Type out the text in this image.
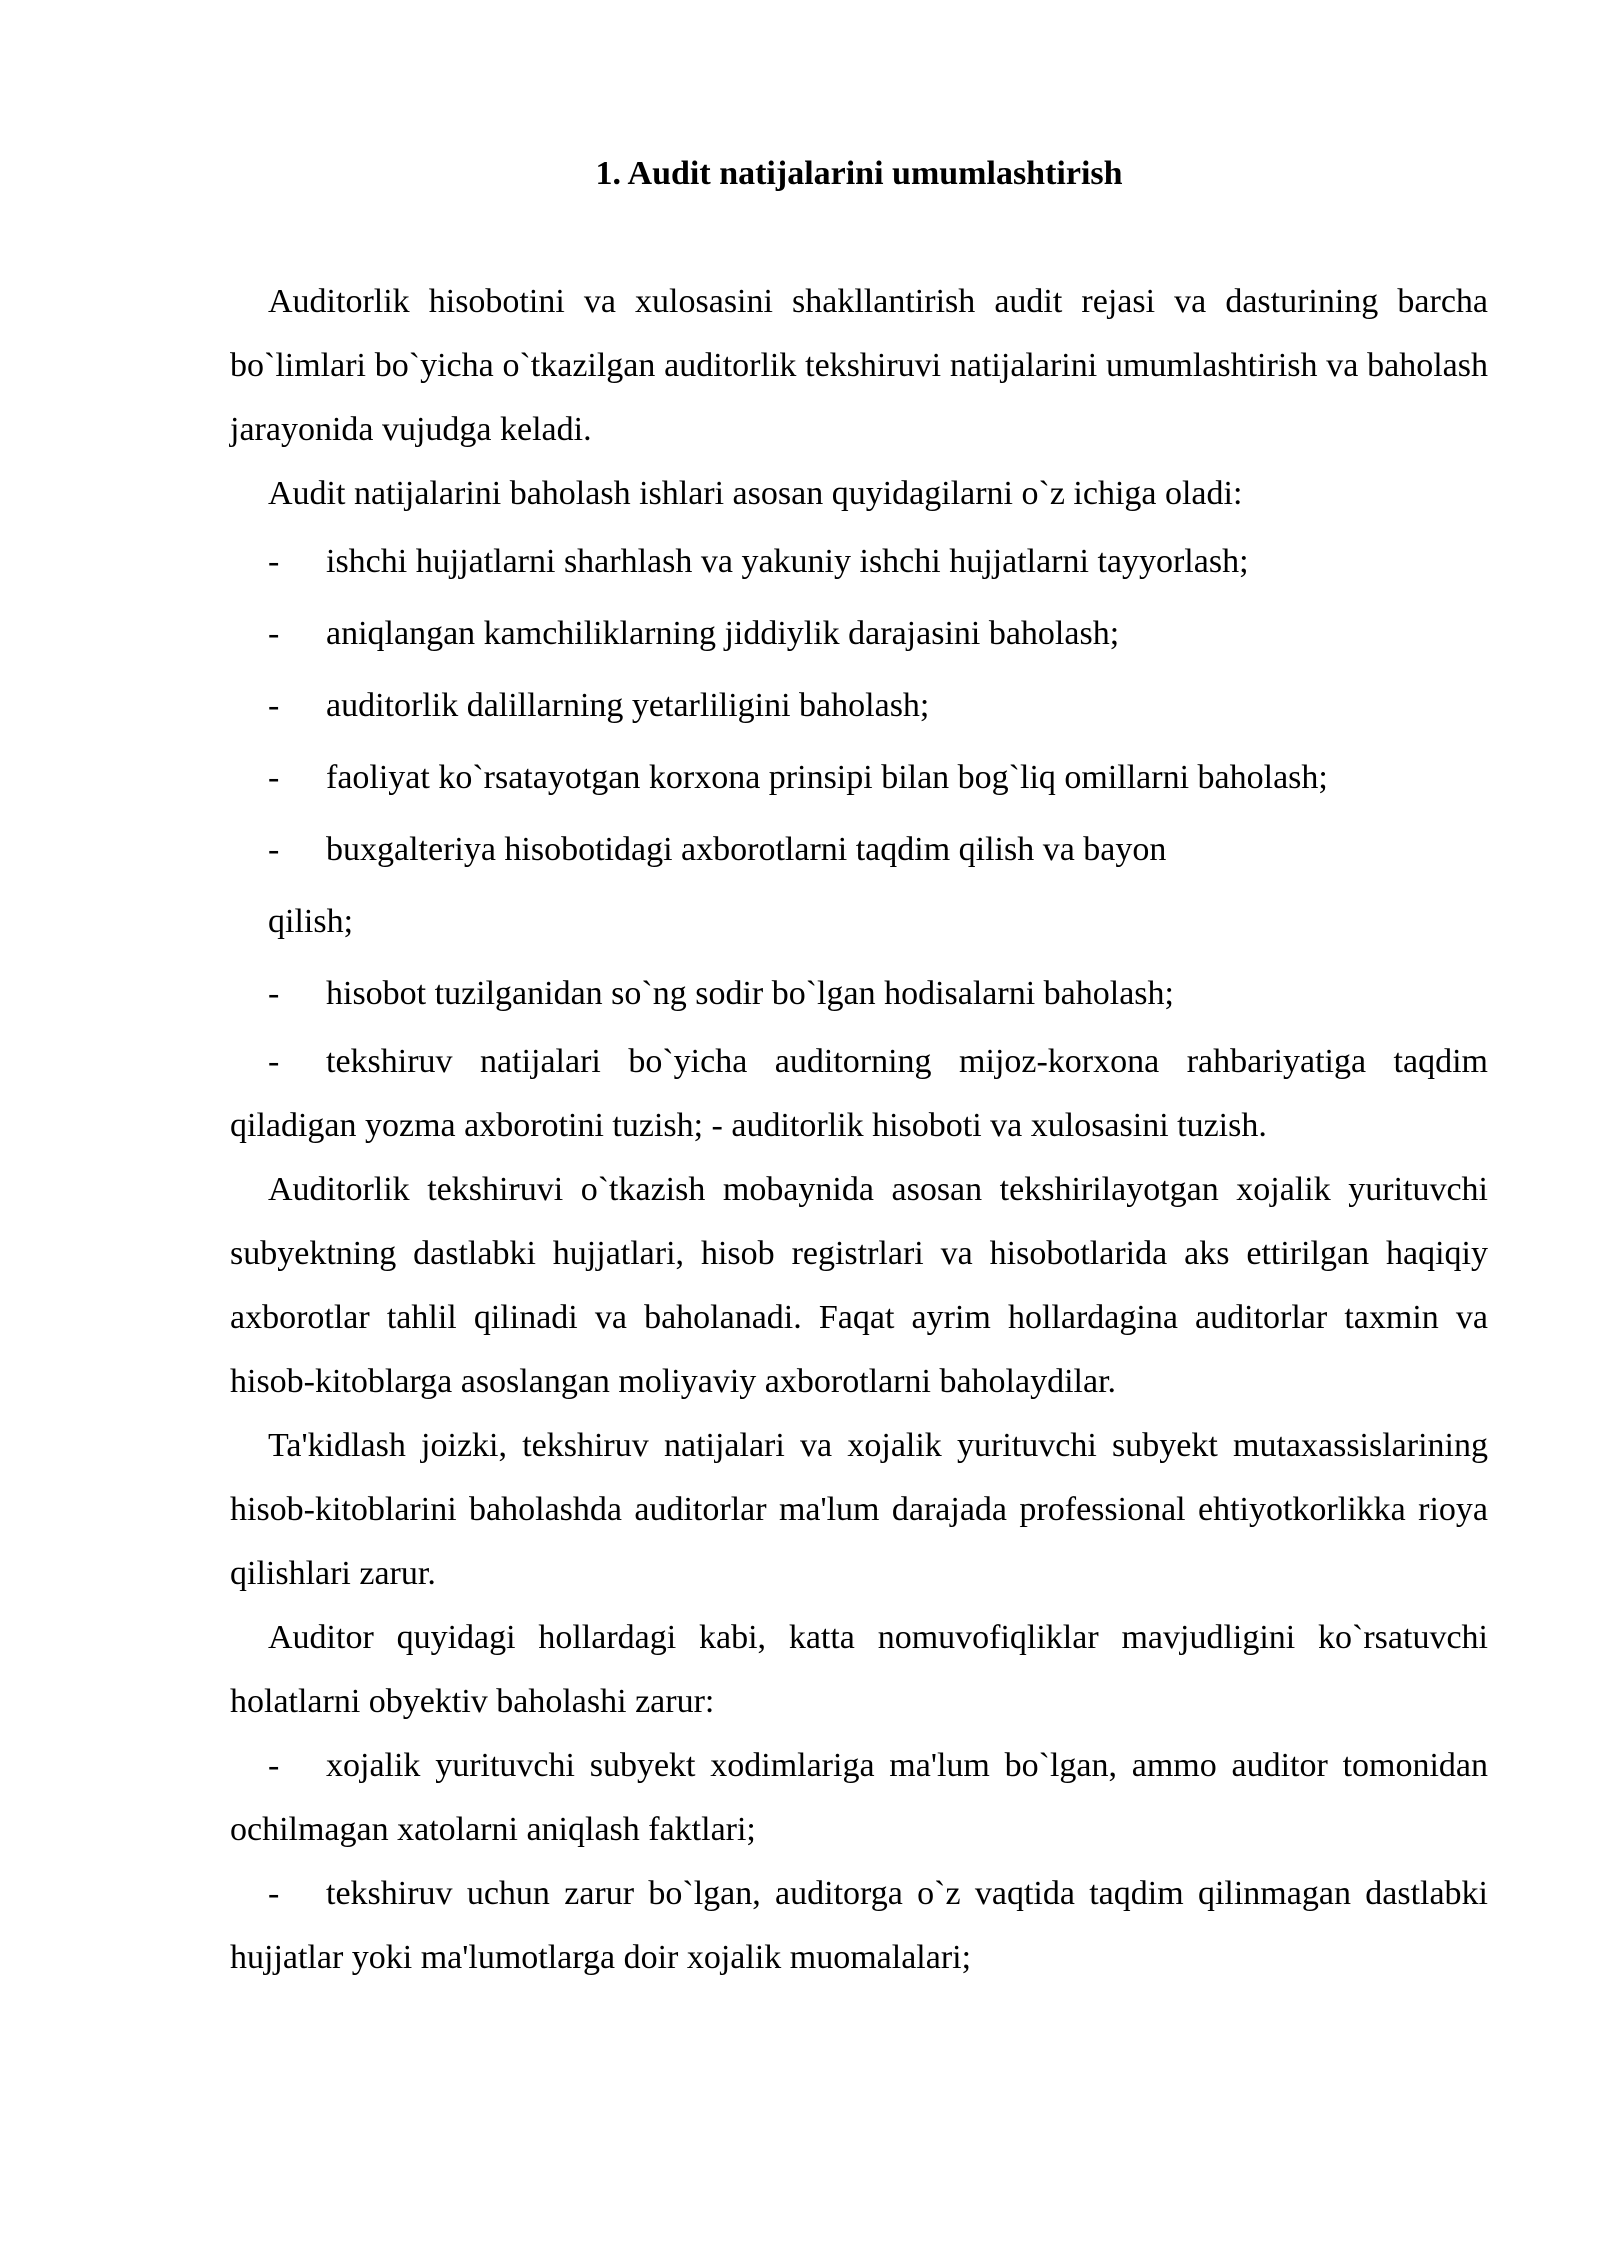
1. Audit natijalarini umumlashtirish

Auditorlik hisobotini va xulosasini shakllantirish audit rejasi va dasturining barcha bo`limlari bo`yicha o`tkazilgan auditorlik tekshiruvi natijalarini umumlashtirish va baholash jarayonida vujudga keladi.

Audit natijalarini baholash ishlari asosan quyidagilarni o`z ichiga oladi:

- ishchi hujjatlarni sharhlash va yakuniy ishchi hujjatlarni tayyorlash;

- aniqlangan kamchiliklarning jiddiylik darajasini baholash;

- auditorlik dalillarning yetarliligini baholash;

- faoliyat ko`rsatayotgan korxona prinsipi bilan bog`liq omillarni baholash;

- buxgalteriya hisobotidagi axborotlarni taqdim qilish va bayon

qilish;

- hisobot tuzilganidan so`ng sodir bo`lgan hodisalarni baholash;

- tekshiruv natijalari bo`yicha auditorning mijoz-korxona rahbariyatiga taqdim qiladigan yozma axborotini tuzish; - auditorlik hisoboti va xulosasini tuzish.

Auditorlik tekshiruvi o`tkazish mobaynida asosan tekshirilayotgan xojalik yurituvchi subyektning dastlabki hujjatlari, hisob registrlari va hisobotlarida aks ettirilgan haqiqiy axborotlar tahlil qilinadi va baholanadi. Faqat ayrim hollardagina auditorlar taxmin va hisob-kitoblarga asoslangan moliyaviy axborotlarni baholaydilar.

Ta'kidlash joizki, tekshiruv natijalari va xojalik yurituvchi subyekt mutaxassislarining hisob-kitoblarini baholashda auditorlar ma'lum darajada professional ehtiyotkorlikka rioya qilishlari zarur.

Auditor quyidagi hollardagi kabi, katta nomuvofiqliklar mavjudligini ko`rsatuvchi holatlarni obyektiv baholashi zarur:

- xojalik yurituvchi subyekt xodimlariga ma'lum bo`lgan, ammo auditor tomonidan ochilmagan xatolarni aniqlash faktlari;

- tekshiruv uchun zarur bo`lgan, auditorga o`z vaqtida taqdim qilinmagan dastlabki hujjatlar yoki ma'lumotlarga doir xojalik muomalalari;
